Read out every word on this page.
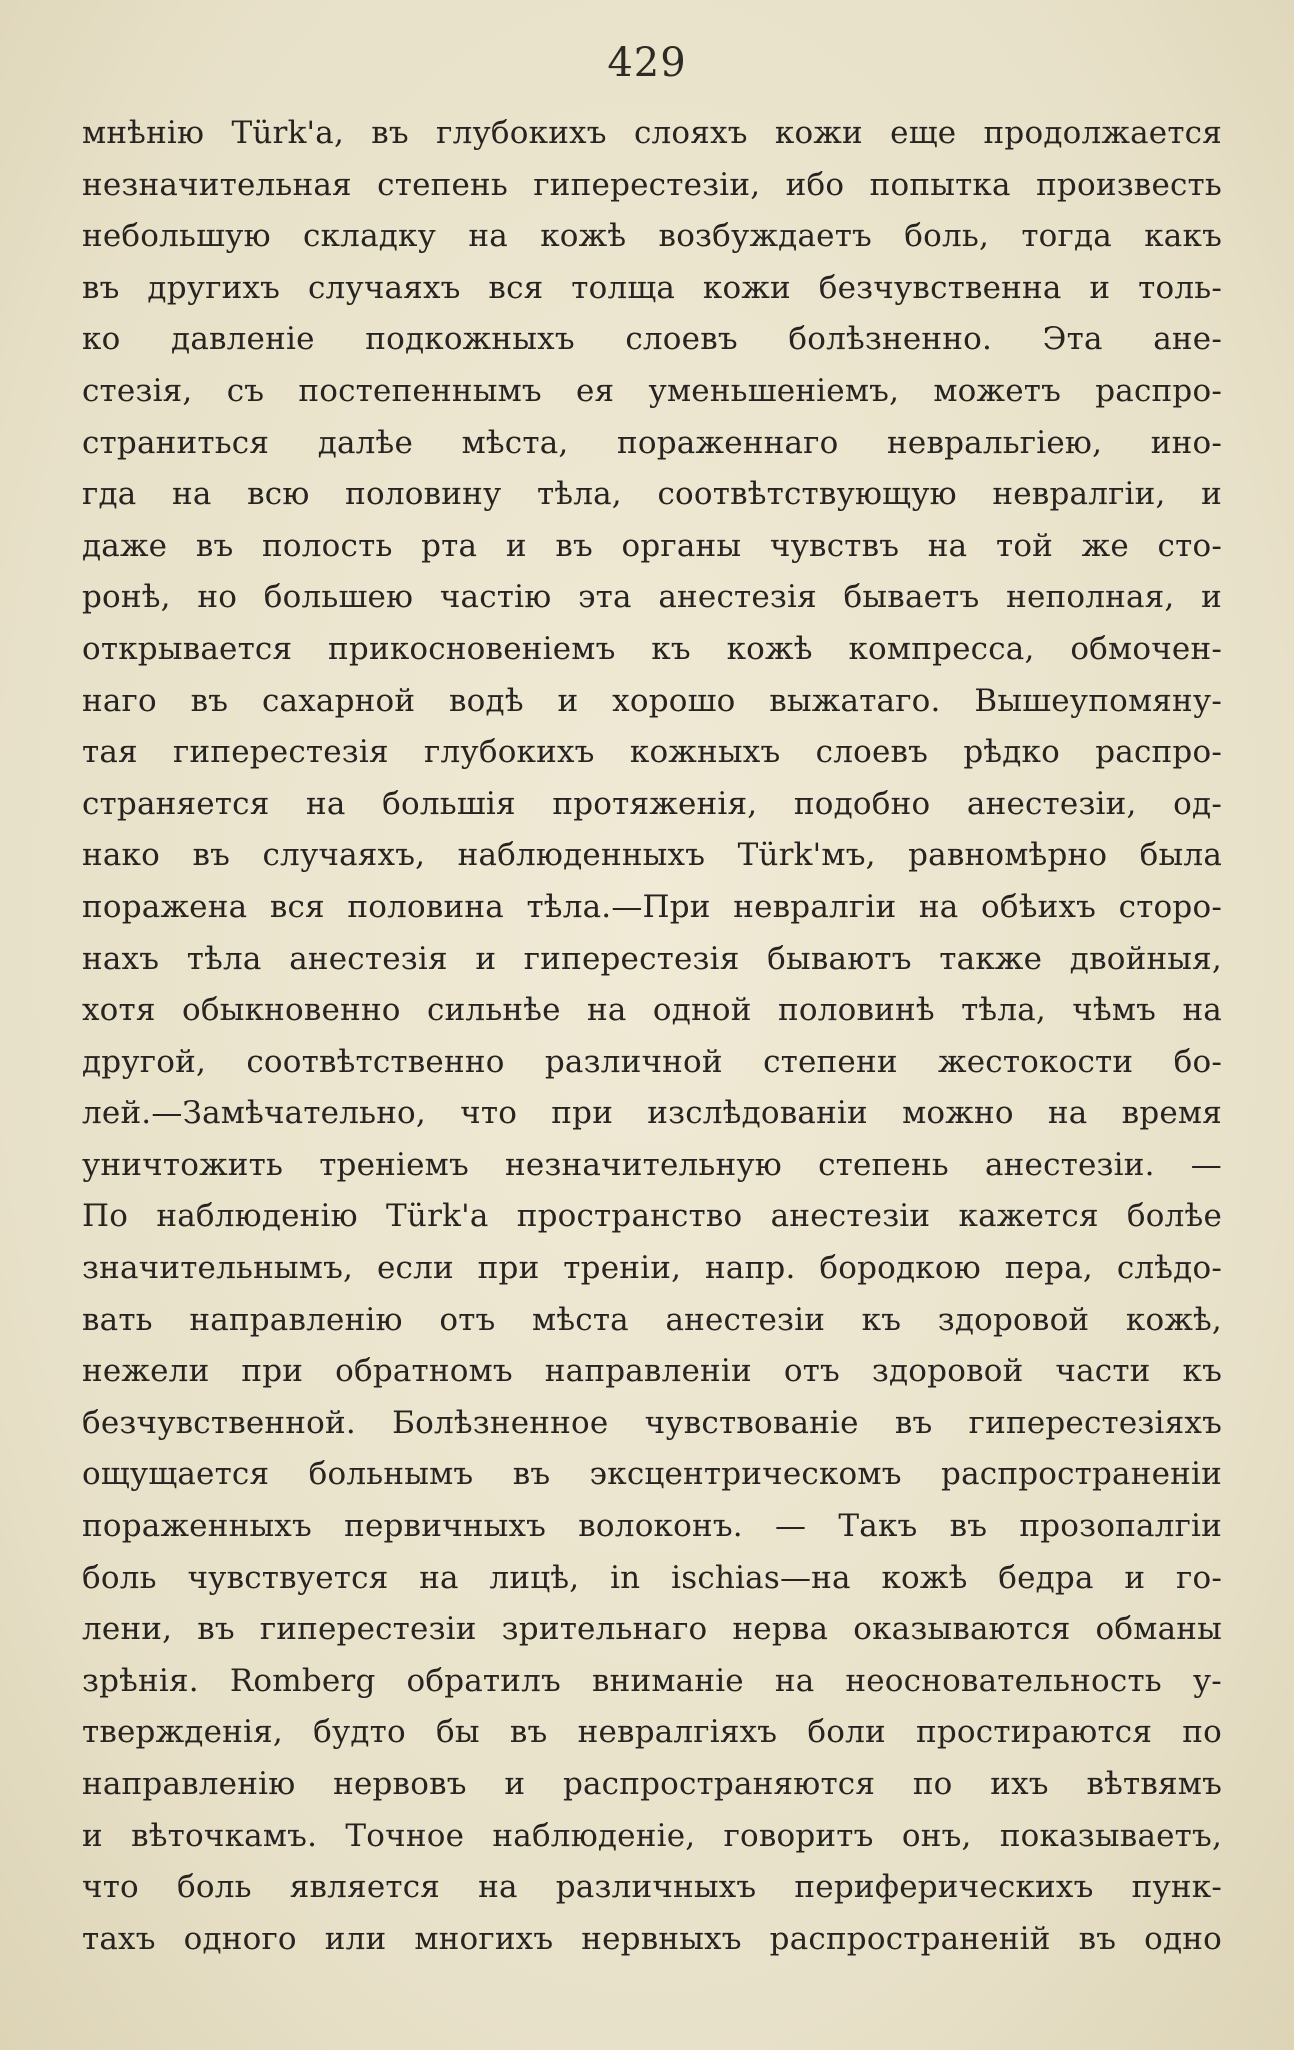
429
мнѣнію Türk'а, въ глубокихъ слояхъ кожи еще продолжается
незначительная степень гиперестезіи, ибо попытка произвесть
небольшую складку на кожѣ возбуждаетъ боль, тогда какъ
въ другихъ случаяхъ вся толща кожи безчувственна и толь-
ко давленіе подкожныхъ слоевъ болѣзненно. Эта ане-
стезія, съ постепеннымъ ея уменьшеніемъ, можетъ распро-
страниться далѣе мѣста, пораженнаго невральгіею, ино-
гда на всю половину тѣла, соотвѣтствующую невралгіи, и
даже въ полость рта и въ органы чувствъ на той же сто-
ронѣ, но большею частію эта анестезія бываетъ неполная, и
открывается прикосновеніемъ къ кожѣ компресса, обмочен-
наго въ сахарной водѣ и хорошо выжатаго. Вышеупомяну-
тая гиперестезія глубокихъ кожныхъ слоевъ рѣдко распро-
страняется на большія протяженія, подобно анестезіи, од-
нако въ случаяхъ, наблюденныхъ Türk'мъ, равномѣрно была
поражена вся половина тѣла.—При невралгіи на обѣихъ сторо-
нахъ тѣла анестезія и гиперестезія бываютъ также двойныя,
хотя обыкновенно сильнѣе на одной половинѣ тѣла, чѣмъ на
другой, соотвѣтственно различной степени жестокости бо-
лей.—Замѣчательно, что при изслѣдованіи можно на время
уничтожить треніемъ незначительную степень анестезіи. —
По наблюденію Türk'а пространство анестезіи кажется болѣе
значительнымъ, если при треніи, напр. бородкою пера, слѣдо-
вать направленію отъ мѣста анестезіи къ здоровой кожѣ,
нежели при обратномъ направленіи отъ здоровой части къ
безчувственной. Болѣзненное чувствованіе въ гиперестезіяхъ
ощущается больнымъ въ эксцентрическомъ распространеніи
пораженныхъ первичныхъ волоконъ. — Такъ въ прозопалгіи
боль чувствуется на лицѣ, in ischias—на кожѣ бедра и го-
лени, въ гиперестезіи зрительнаго нерва оказываются обманы
зрѣнія. Romberg обратилъ вниманіе на неосновательность у-
твержденія, будто бы въ невралгіяхъ боли простираются по
направленію нервовъ и распространяются по ихъ вѣтвямъ
и вѣточкамъ. Точное наблюденіе, говоритъ онъ, показываетъ,
что боль является на различныхъ периферическихъ пунк-
тахъ одного или многихъ нервныхъ распространеній въ одно
